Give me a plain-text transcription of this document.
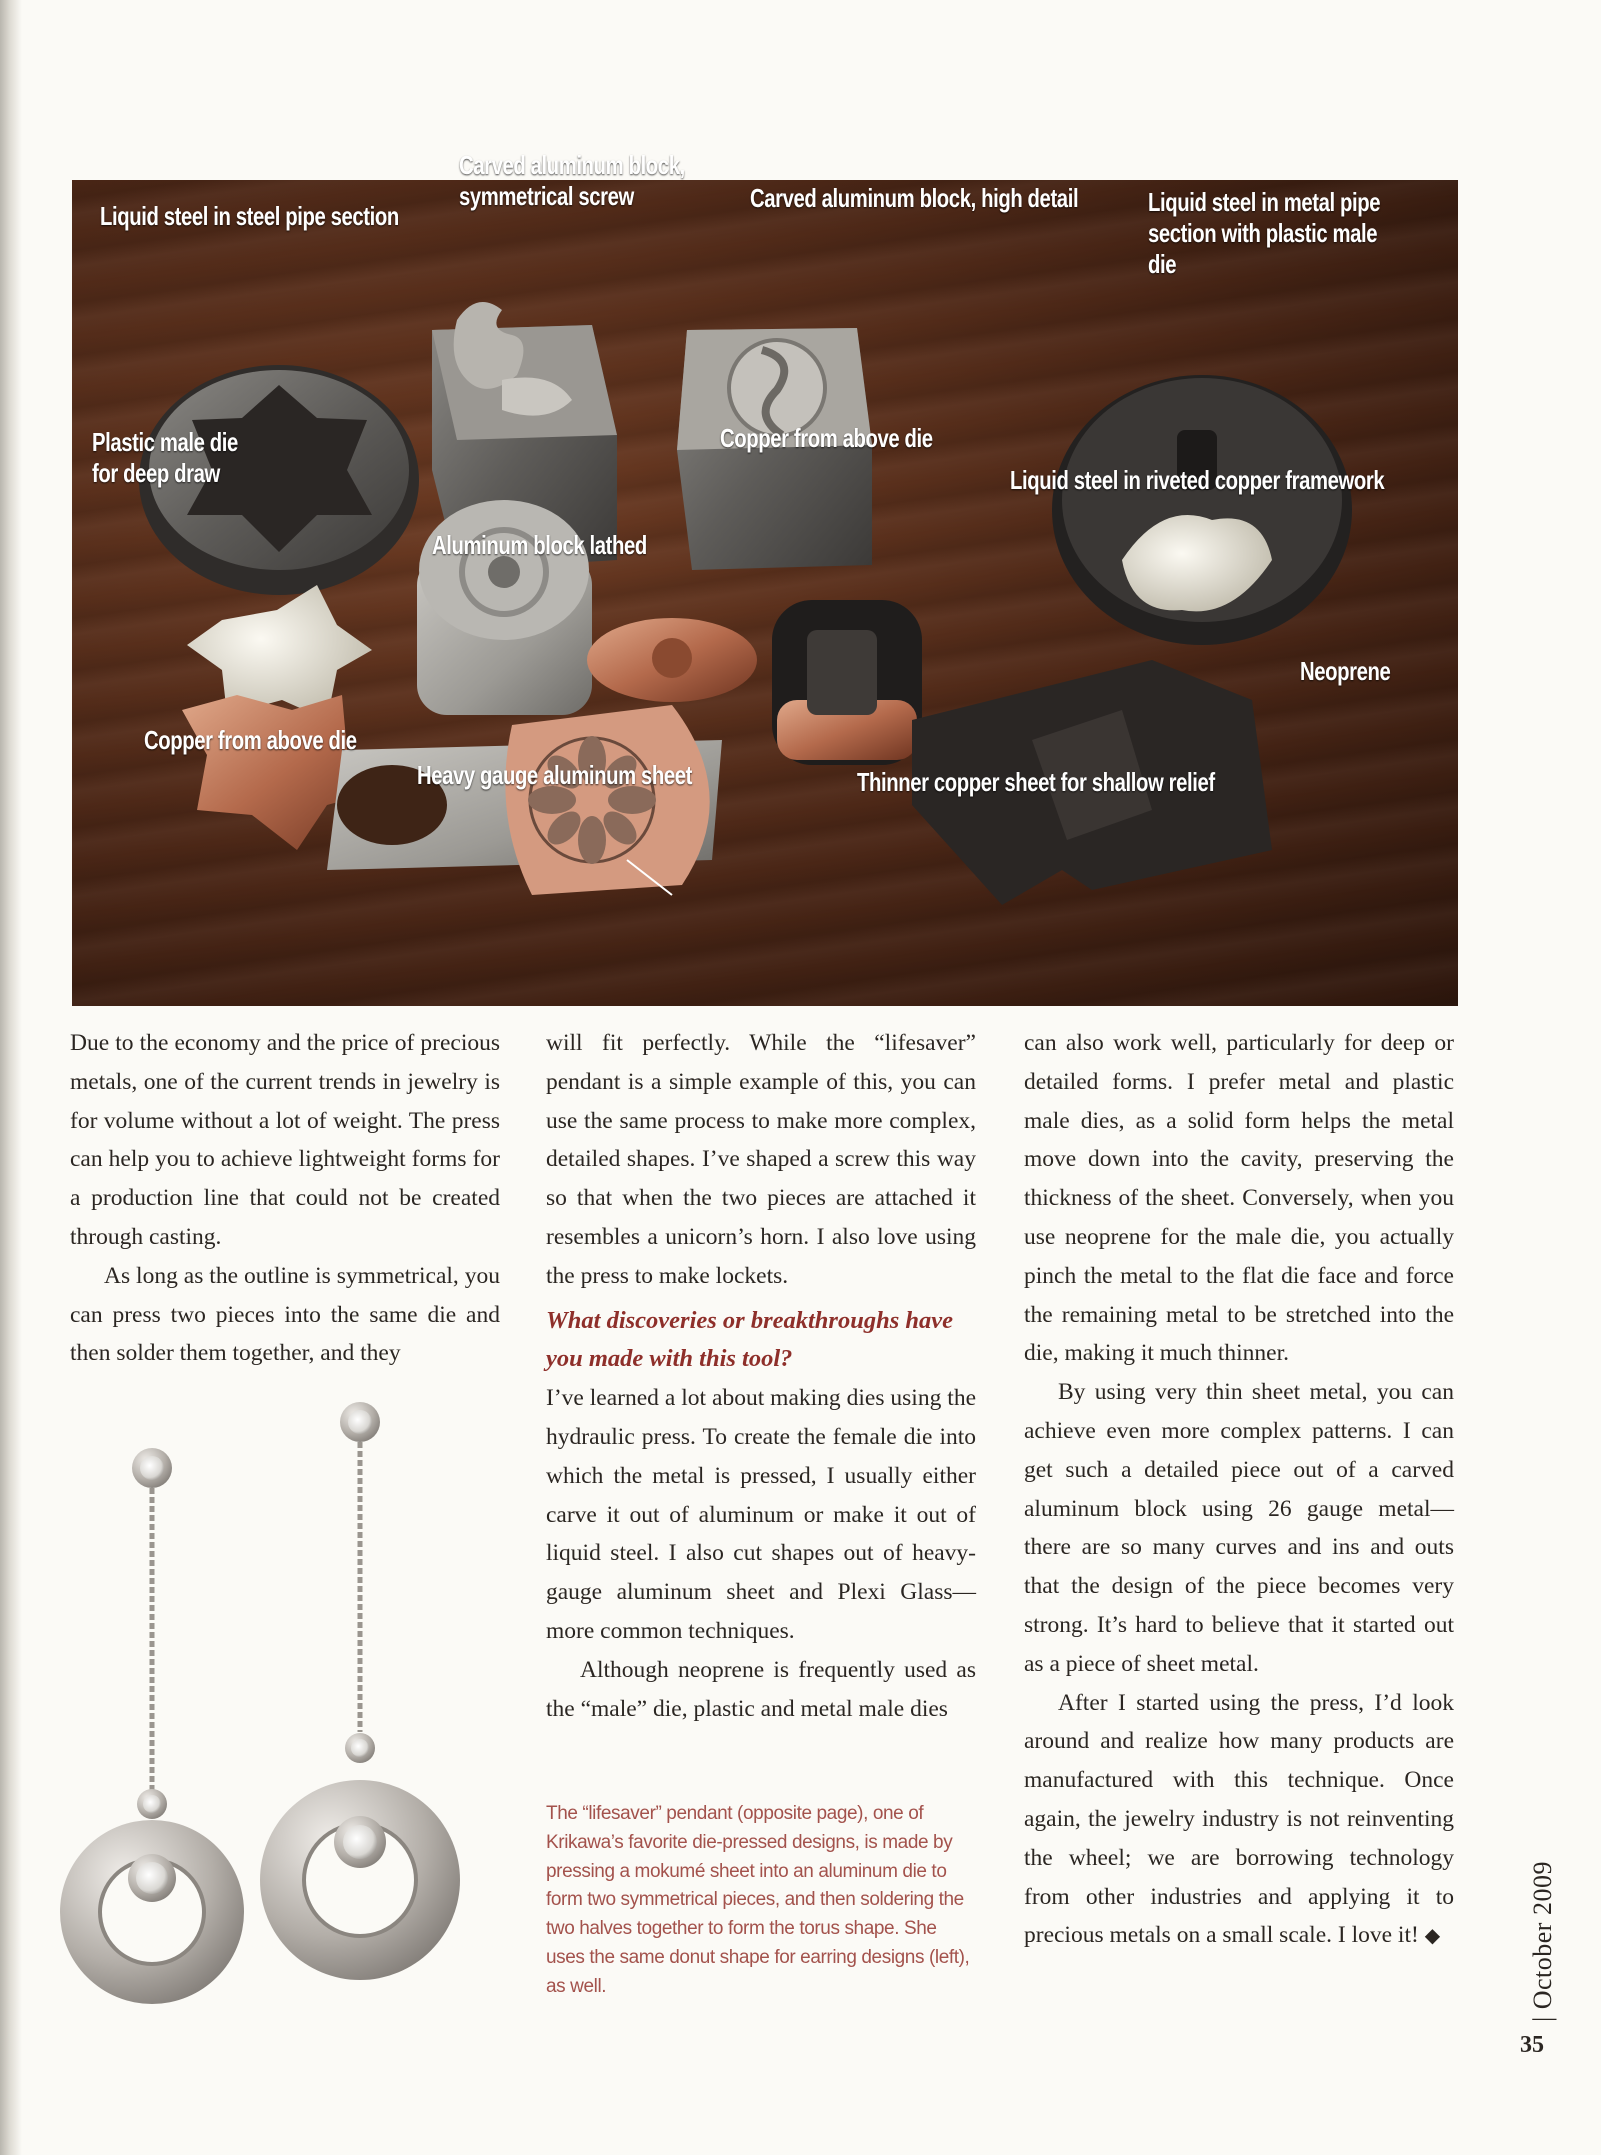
Liquid steel in steel pipe section
Carved aluminum block,
symmetrical screw	Carved aluminum block, high detail	Liquid steel in metal pipe
section with plastic male die
Plastic male die
for deep draw
Copper from above die
Liquid steel in riveted copper framework
Aluminum block lathed
Neoprene
Copper from above die
Heavy gauge aluminum sheet	Thinner copper sheet for shallow relief

Due to the economy and the price of precious metals, one of the current trends in jewelry is for volume without a lot of weight. The press can help you to achieve lightweight forms for a production line that could not be created through casting.

As long as the outline is symmetrical, you can press two pieces into the same die and then solder them together, and they

will fit perfectly. While the “lifesaver” pendant is a simple example of this, you can use the same process to make more complex, detailed shapes. I’ve shaped a screw this way so that when the two pieces are attached it resembles a unicorn’s horn. I also love using the press to make lockets.

What discoveries or breakthroughs have you made with this tool?

I’ve learned a lot about making dies using the hydraulic press. To create the female die into which the metal is pressed, I usually either carve it out of aluminum or make it out of liquid steel. I also cut shapes out of heavy-gauge aluminum sheet and Plexi Glass—more common techniques.

Although neoprene is frequently used as the “male” die, plastic and metal male dies

The “lifesaver” pendant (opposite page), one of Krikawa’s favorite die-pressed designs, is made by pressing a mokumé sheet into an aluminum die to form two symmetrical pieces, and then soldering the two halves together to form the torus shape. She uses the same donut shape for earring designs (left), as well.

can also work well, particularly for deep or detailed forms. I prefer metal and plastic male dies, as a solid form helps the metal move down into the cavity, preserving the thickness of the sheet. Conversely, when you use neoprene for the male die, you actually pinch the metal to the flat die face and force the remaining metal to be stretched into the die, making it much thinner.

By using very thin sheet metal, you can achieve even more complex patterns. I can get such a detailed piece out of a carved aluminum block using 26 gauge metal—there are so many curves and ins and outs that the design of the piece becomes very strong. It’s hard to believe that it started out as a piece of sheet metal.

After I started using the press, I’d look around and realize how many products are manufactured with this technique. Once again, the jewelry industry is not reinventing the wheel; we are borrowing technology from other industries and applying it to precious metals on a small scale. I love it! ◆	| October 2009
35
